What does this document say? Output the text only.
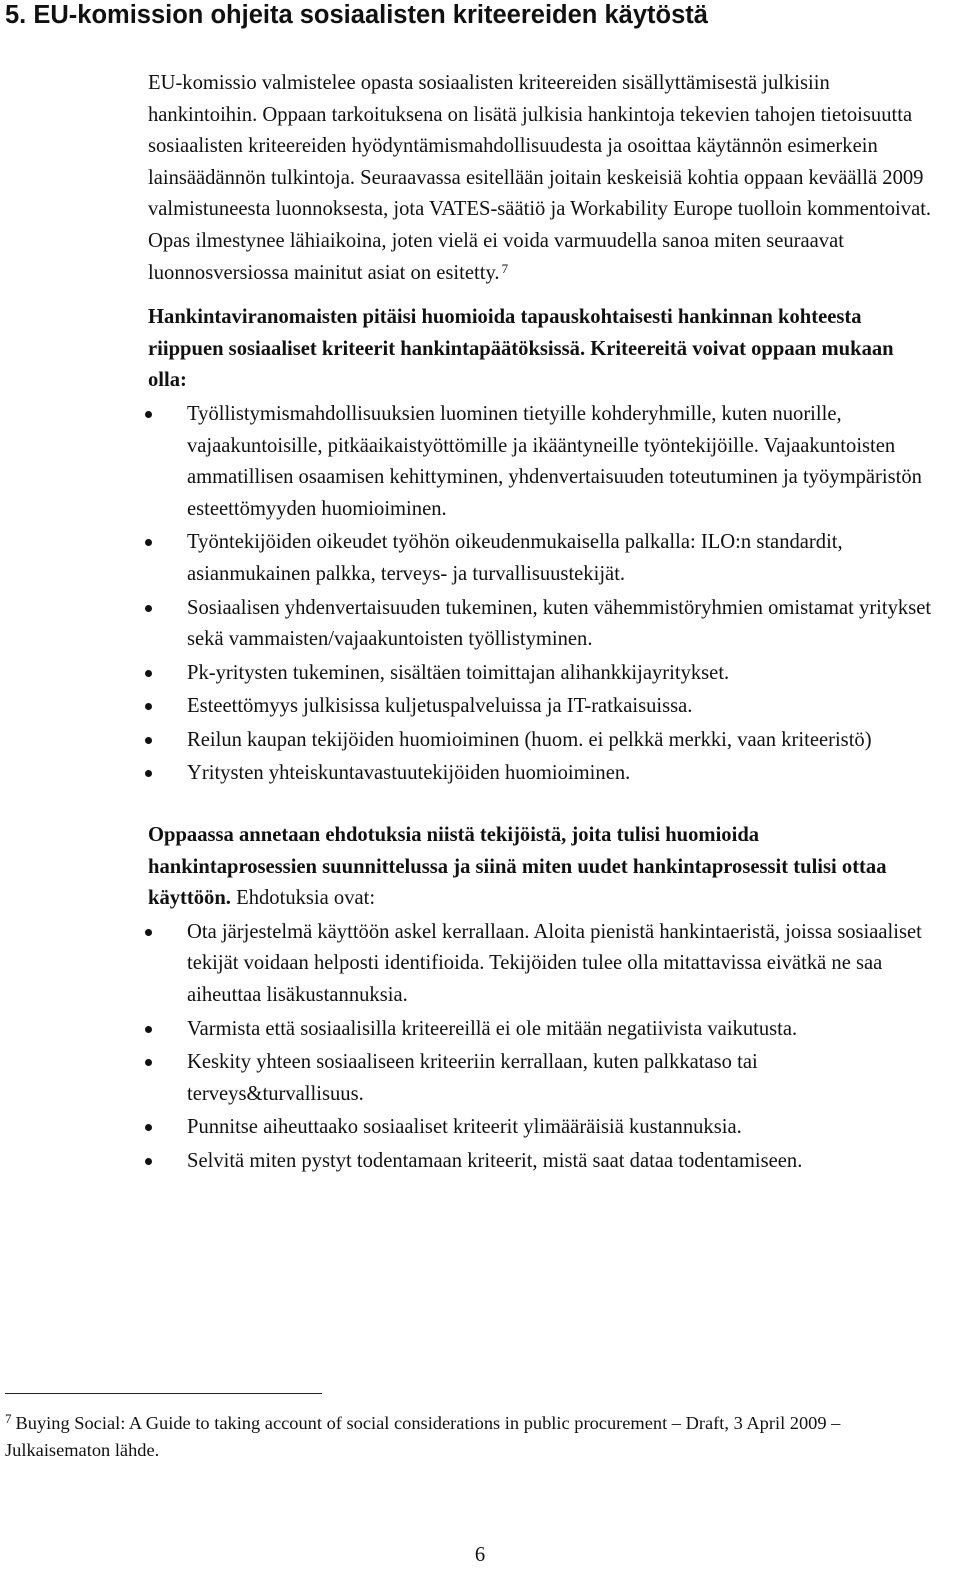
5. EU-komission ohjeita sosiaalisten kriteereiden käytöstä

EU-komissio valmistelee opasta sosiaalisten kriteereiden sisällyttämisestä julkisiin hankintoihin. Oppaan tarkoituksena on lisätä julkisia hankintoja tekevien tahojen tietoisuutta sosiaalisten kriteereiden hyödyntämismahdollisuudesta ja osoittaa käytännön esimerkein lainsäädännön tulkintoja. Seuraavassa esitellään joitain keskeisiä kohtia oppaan keväällä 2009 valmistuneesta luonnoksesta, jota VATES-säätiö ja Workability Europe tuolloin kommentoivat. Opas ilmestynee lähiaikoina, joten vielä ei voida varmuudella sanoa miten seuraavat luonnosversiossa mainitut asiat on esitetty. $^7$

Hankintaviranomaisten pitäisi huomioida tapauskohtaisesti hankinnan kohteesta riippuen sosiaaliset kriteerit hankintapäätöksissä. Kriteereitä voivat oppaan mukaan olla:

Työllistymismahdollisuuksien luominen tietyille kohderyhmille, kuten nuorille, vajaakuntoisille, pitkäaikaistyöttömille ja ikääntyneille työntekijöille. Vajaakuntoisten ammatillisen osaamisen kehittyminen, yhdenvertaisuuden toteutuminen ja työympäristön esteettömyyden huomioiminen.
Työntekijöiden oikeudet työhön oikeudenmukaisella palkalla: ILO:n standardit, asianmukainen palkka, terveys- ja turvallisuustekijät.
Sosiaalisen yhdenvertaisuuden tukeminen, kuten vähemmistöryhmien omistamat yritykset sekä vammaisten/vajaakuntoisten työllistyminen.
Pk-yritysten tukeminen, sisältäen toimittajan alihankkijayritykset.
Esteettömyys julkisissa kuljetuspalveluissa ja IT-ratkaisuissa.
Reilun kaupan tekijöiden huomioiminen (huom. ei pelkkä merkki, vaan kriteeristö)
Yritysten yhteiskuntavastuutekijöiden huomioiminen.

Oppaassa annetaan ehdotuksia niistä tekijöistä, joita tulisi huomioida hankintaprosessien suunnittelussa ja siinä miten uudet hankintaprosessit tulisi ottaa käyttöön. Ehdotuksia ovat:

Ota järjestelmä käyttöön askel kerrallaan. Aloita pienistä hankintaeristä, joissa sosiaaliset tekijät voidaan helposti identifioida. Tekijöiden tulee olla mitattavissa eivätkä ne saa aiheuttaa lisäkustannuksia.
Varmista että sosiaalisilla kriteereillä ei ole mitään negatiivista vaikutusta.
Keskity yhteen sosiaaliseen kriteeriin kerrallaan, kuten palkkataso tai terveys&turvallisuus.
Punnitse aiheuttaako sosiaaliset kriteerit ylimääräisiä kustannuksia.
Selvitä miten pystyt todentamaan kriteerit, mistä saat dataa todentamiseen.
$^7$ Buying Social: A Guide to taking account of social considerations in public procurement – Draft, 3 April 2009 – Julkaisematon lähde.
6
